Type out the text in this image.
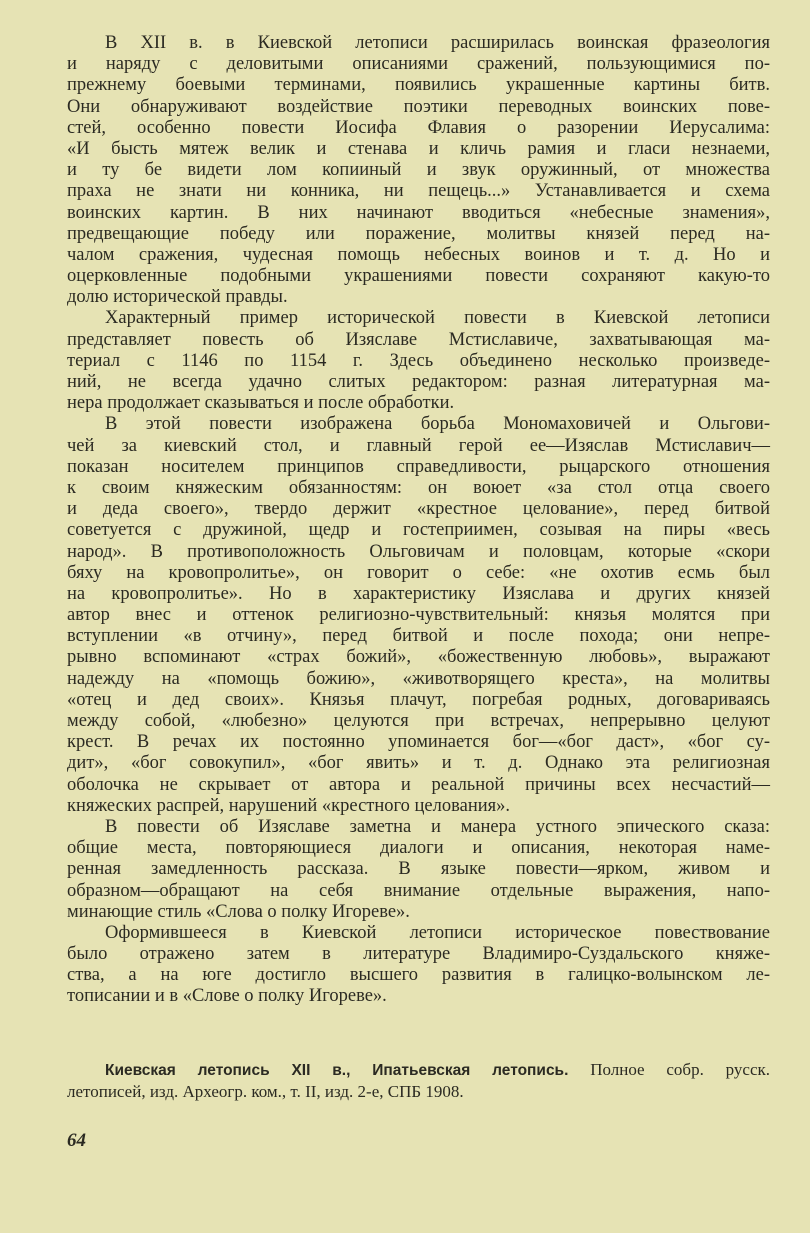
В XII в. в Киевской летописи расширилась воинская фразеология
и наряду с деловитыми описаниями сражений, пользующимися по-
прежнему боевыми терминами, появились украшенные картины битв.
Они обнаруживают воздействие поэтики переводных воинских пове-
стей, особенно повести Иосифа Флавия о разорении Иерусалима:
«И бысть мятеж велик и стенава и кличь рамия и гласи незнаеми,
и ту бе видети лом копииный и звук оружинный, от множества
праха не знати ни конника, ни пещець...» Устанавливается и схема
воинских картин. В них начинают вводиться «небесные знамения»,
предвещающие победу или поражение, молитвы князей перед на-
чалом сражения, чудесная помощь небесных воинов и т. д. Но и
оцерковленные подобными украшениями повести сохраняют какую-то
долю исторической правды.
Характерный пример исторической повести в Киевской летописи
представляет повесть об Изяславе Мстиславиче, захватывающая ма-
териал с 1146 по 1154 г. Здесь объединено несколько произведе-
ний, не всегда удачно слитых редактором: разная литературная ма-
нера продолжает сказываться и после обработки.
В этой повести изображена борьба Мономаховичей и Ольгови-
чей за киевский стол, и главный герой ее—Изяслав Мстиславич—
показан носителем принципов справедливости, рыцарского отношения
к своим княжеским обязанностям: он воюет «за стол отца своего
и деда своего», твердо держит «крестное целование», перед битвой
советуется с дружиной, щедр и гостеприимен, созывая на пиры «весь
народ». В противоположность Ольговичам и половцам, которые «скори
бяху на кровопролитье», он говорит о себе: «не охотив есмь был
на кровопролитье». Но в характеристику Изяслава и других князей
автор внес и оттенок религиозно-чувствительный: князья молятся при
вступлении «в отчину», перед битвой и после похода; они непре-
рывно вспоминают «страх божий», «божественную любовь», выражают
надежду на «помощь божию», «животворящего креста», на молитвы
«отец и дед своих». Князья плачут, погребая родных, договариваясь
между собой, «любезно» целуются при встречах, непрерывно целуют
крест. В речах их постоянно упоминается бог—«бог даст», «бог су-
дит», «бог совокупил», «бог явить» и т. д. Однако эта религиозная
оболочка не скрывает от автора и реальной причины всех несчастий—
княжеских распрей, нарушений «крестного целования».
В повести об Изяславе заметна и манера устного эпического сказа:
общие места, повторяющиеся диалоги и описания, некоторая наме-
ренная замедленность рассказа. В языке повести—ярком, живом и
образном—обращают на себя внимание отдельные выражения, напо-
минающие стиль «Слова о полку Игореве».
Оформившееся в Киевской летописи историческое повествование
было отражено затем в литературе Владимиро-Суздальского княже-
ства, а на юге достигло высшего развития в галицко-волынском ле-
тописании и в «Слове о полку Игореве».
Киевская летопись XII в., Ипатьевская летопись. Полное собр. русск.
летописей, изд. Археогр. ком., т. II, изд. 2-е, СПБ 1908.
64
